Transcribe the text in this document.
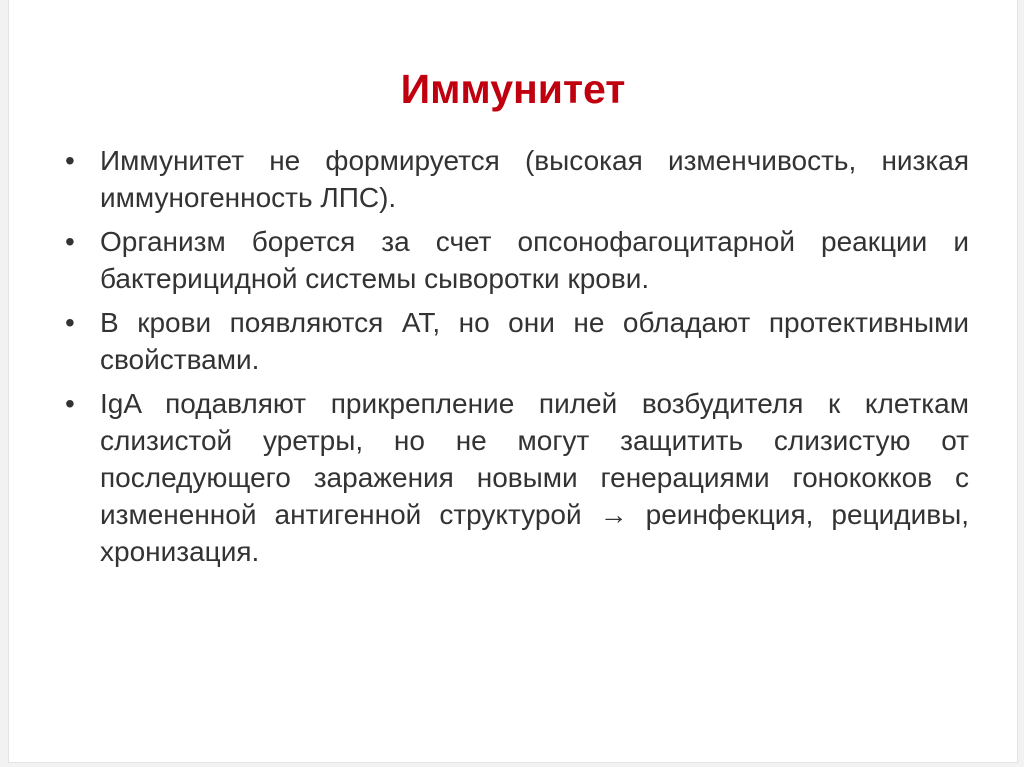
Иммунитет
• Иммунитет не формируется (высокая изменчивость, низкая иммуногенность ЛПС).
• Организм борется за счет опсонофагоцитарной реакции и бактерицидной системы сыворотки крови.
• В крови появляются АТ, но они не обладают протективными свойствами.
• IgA подавляют прикрепление пилей возбудителя к клеткам слизистой уретры, но не могут защитить слизистую от последующего заражения новыми генерациями гонококков с измененной антигенной структурой → реинфекция, рецидивы, хронизация.
